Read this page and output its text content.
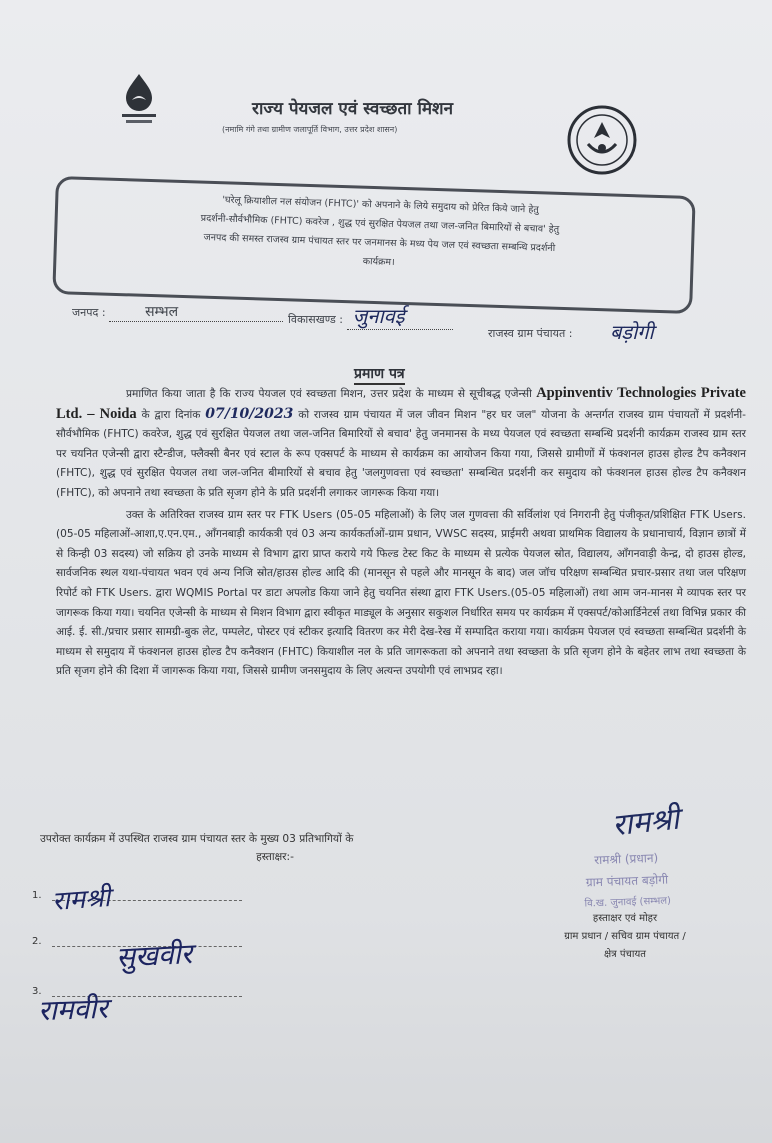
राज्य पेयजल एवं स्वच्छता मिशन
(नमामि गंगे तथा ग्रामीण जलापूर्ति विभाग, उत्तर प्रदेश शासन)
'घरेलू क्रियाशील नल संयोजन (FHTC)' को अपनाने के लिये समुदाय को प्रेरित किये जाने हेतु
प्रदर्शनी-सौर्वभौमिक (FHTC) कवरेज , शुद्ध एवं सुरक्षित पेयजल तथा जल-जनित बिमारियों से बचाव' हेतु
जनपद की समस्त राजस्व ग्राम पंचायत स्तर पर जनमानस के मध्य पेय जल एवं स्वच्छता सम्बन्धि प्रदर्शनी
कार्यक्रम।
जनपद :	सम्भल	विकासखण्ड : जुनावई
राजस्व ग्राम पंचायत : बड़ोगी
प्रमाण पत्र

प्रमाणित किया जाता है कि राज्य पेयजल एवं स्वच्छता मिशन, उत्तर प्रदेश के माध्यम से सूचीबद्ध एजेन्सी Appinventiv Technologies Private Ltd. – Noida के द्वारा दिनांक 07/10/2023 को राजस्व ग्राम पंचायत में जल जीवन मिशन "हर घर जल" योजना के अन्तर्गत राजस्व ग्राम पंचायतों में प्रदर्शनी-सौर्वभौमिक (FHTC) कवरेज, शुद्ध एवं सुरक्षित पेयजल तथा जल-जनित बिमारियों से बचाव' हेतु जनमानस के मध्य पेयजल एवं स्वच्छता सम्बन्धि प्रदर्शनी कार्यक्रम राजस्व ग्राम स्तर पर चयनित एजेन्सी द्वारा स्टैन्डीज, फ्लैक्सी बैनर एवं स्टाल के रूप एक्सपर्ट के माध्यम से कार्यक्रम का आयोजन किया गया, जिससे ग्रामीणों में फंक्शनल हाउस होल्ड टैप कनैक्शन (FHTC), शुद्ध एवं सुरक्षित पेयजल तथा जल-जनित बीमारियों से बचाव हेतु 'जलगुणवत्ता एवं स्वच्छता' सम्बन्धित प्रदर्शनी कर समुदाय को फंक्शनल हाउस होल्ड टैप कनैक्शन (FHTC), को अपनाने तथा स्वच्छता के प्रति सृजग होने के प्रति प्रदर्शनी लगाकर जागरूक किया गया।

उक्त के अतिरिक्त राजस्व ग्राम स्तर पर FTK Users (05-05 महिलाओं) के लिए जल गुणवत्ता की सर्विलांश एवं निगरानी हेतु पंजीकृत/प्रशिक्षित FTK Users.(05-05 महिलाओं-आशा,ए.एन.एम., ऑंगनबाड़ी कार्यकत्री एवं 03 अन्य कार्यकर्ताओं-ग्राम प्रधान, VWSC सदस्य, प्राईमरी अथवा प्राथमिक विद्यालय के प्रधानाचार्य, विज्ञान छात्रों में से किन्ही 03 सदस्य) जो सक्रिय हो उनके माध्यम से विभाग द्वारा प्राप्त कराये गये फिल्ड टेस्ट किट के माध्यम से प्रत्येक पेयजल स्रोत, विद्यालय, ऑंगनवाड़ी केन्द्र, दो हाउस होल्ड, सार्वजनिक स्थल यथा-पंचायत भवन एवं अन्य निजि स्रोत/हाउस होल्ड आदि की (मानसून से पहले और मानसून के बाद) जल जॉच परिक्षण सम्बन्धित प्रचार-प्रसार तथा जल परिक्षण रिपोर्ट को FTK Users. द्वारा WQMIS Portal पर डाटा अपलोड किया जाने हेतु चयनित संस्था द्वारा FTK Users.(05-05 महिलाओं) तथा आम जन-मानस मे व्यापक स्तर पर जागरूक किया गया। चयनित एजेन्सी के माध्यम से मिशन विभाग द्वारा स्वीकृत माड्यूल के अनुसार सकुशल निर्धारित समय पर कार्यक्रम में एक्सपर्ट/कोआर्डिनेटर्स तथा विभिन्न प्रकार की आई. ई. सी./प्रचार प्रसार सामग्री-बुक लेट, पम्पलेट, पोस्टर एवं स्टीकर इत्यादि वितरण कर मेरी देख-रेख में सम्पादित कराया गया। कार्यक्रम पेयजल एवं स्वच्छता सम्बन्धित प्रदर्शनी के माध्यम से समुदाय में फंक्शनल हाउस होल्ड टैप कनैक्शन (FHTC) कियाशील नल के प्रति जागरूकता को अपनाने तथा स्वच्छता के प्रति सृजग होने के बहेतर लाभ तथा स्वच्छता के प्रति सृजग होने की दिशा में जागरूक किया गया, जिससे ग्रामीण जनसमुदाय के लिए अत्यन्त उपयोगी एवं लाभप्रद रहा।

उपरोक्त कार्यक्रम में उपस्थित राजस्व ग्राम पंचायत स्तर के मुख्य 03 प्रतिभागियों के
हस्ताक्षर:-
1. रामश्री
2.	सुखवीर
3.
रामवीर
रामश्री
रामश्री (प्रधान)
ग्राम पंचायत बड़ोगी
वि.ख. जुनावई (सम्भल)
हस्ताक्षर एवं मोहर
ग्राम प्रधान / सचिव ग्राम पंचायत /
क्षेत्र पंचायत
